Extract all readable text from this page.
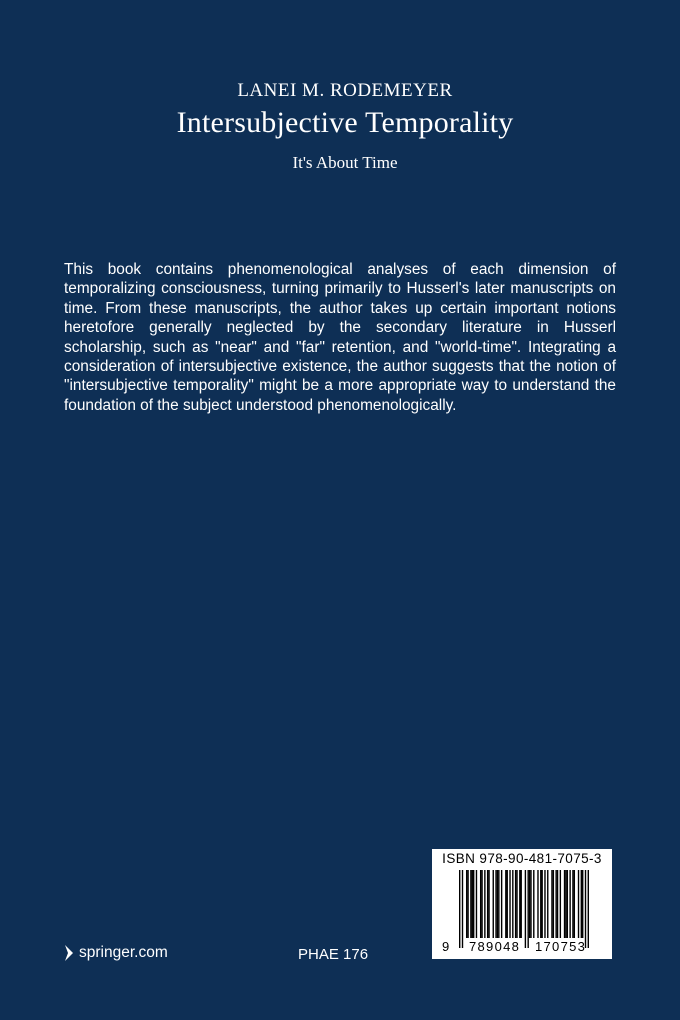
LANEI M. RODEMEYER
Intersubjective Temporality
It's About Time
This book contains phenomenological analyses of each dimension of temporalizing consciousness, turning primarily to Husserl's later manuscripts on time. From these manuscripts, the author takes up certain important notions heretofore generally neglected by the secondary literature in Husserl scholarship, such as "near" and "far" retention, and "world-time". Integrating a consideration of intersubjective existence, the author suggests that the notion of "intersubjective temporality" might be a more appropriate way to understand the foundation of the subject understood phenomenologically.
springer.com	PHAE 176
ISBN 978-90-481-7075-3
9 789048 170753
